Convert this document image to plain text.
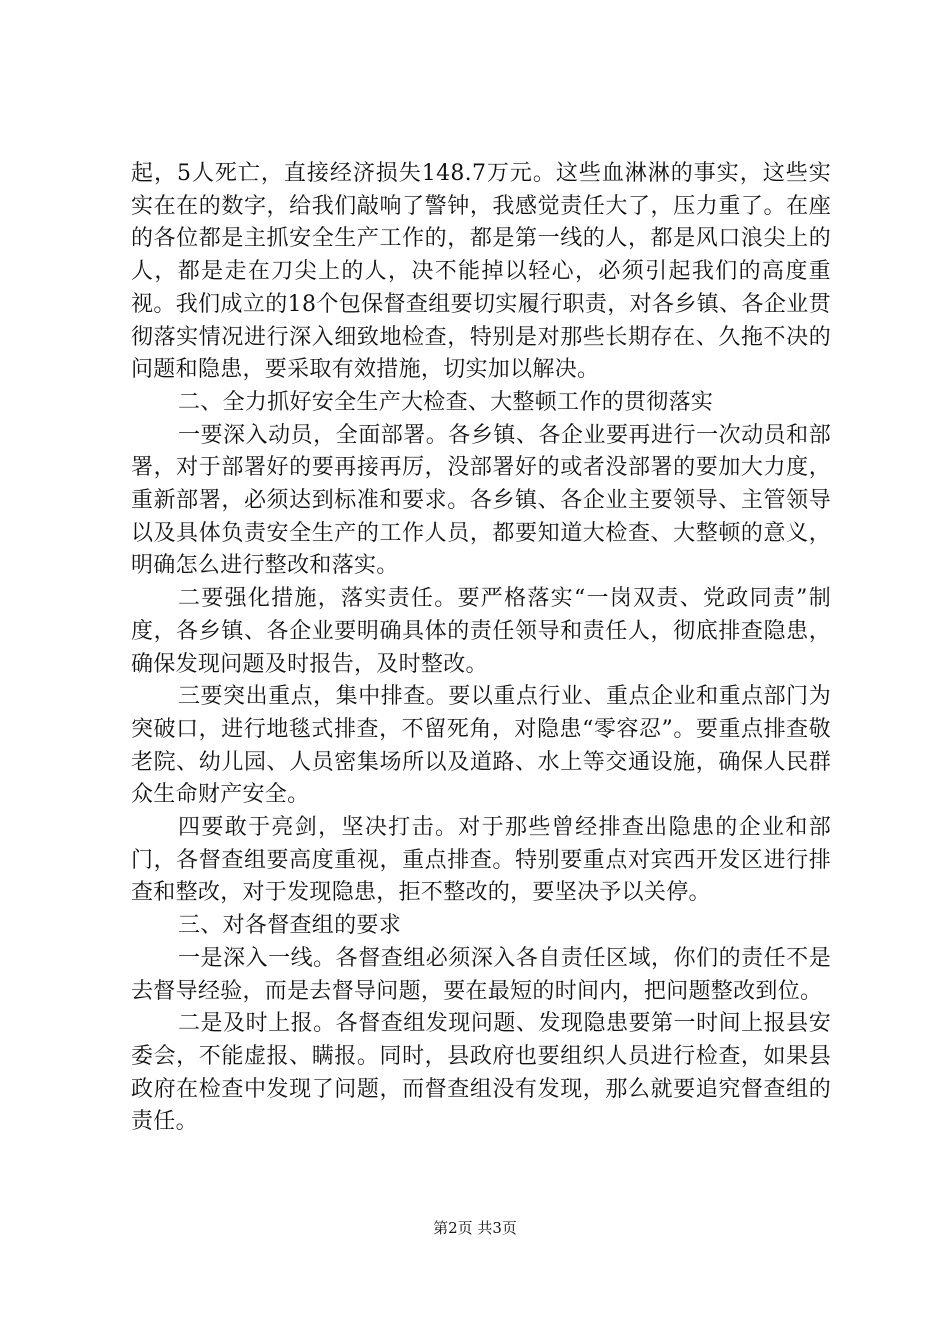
起，5人死亡，直接经济损失148.7万元。这些血淋淋的事实，这些实实在在的数字，给我们敲响了警钟，我感觉责任大了，压力重了。在座的各位都是主抓安全生产工作的，都是第一线的人，都是风口浪尖上的人，都是走在刀尖上的人，决不能掉以轻心，必须引起我们的高度重视。我们成立的18个包保督查组要切实履行职责，对各乡镇、各企业贯彻落实情况进行深入细致地检查，特别是对那些长期存在、久拖不决的问题和隐患，要采取有效措施，切实加以解决。

二、全力抓好安全生产大检查、大整顿工作的贯彻落实

一要深入动员，全面部署。各乡镇、各企业要再进行一次动员和部署，对于部署好的要再接再厉，没部署好的或者没部署的要加大力度，重新部署，必须达到标准和要求。各乡镇、各企业主要领导、主管领导以及具体负责安全生产的工作人员，都要知道大检查、大整顿的意义，明确怎么进行整改和落实。

二要强化措施，落实责任。要严格落实“一岗双责、党政同责”制度，各乡镇、各企业要明确具体的责任领导和责任人，彻底排查隐患，确保发现问题及时报告，及时整改。

三要突出重点，集中排查。要以重点行业、重点企业和重点部门为突破口，进行地毯式排查，不留死角，对隐患“零容忍”。要重点排查敬老院、幼儿园、人员密集场所以及道路、水上等交通设施，确保人民群众生命财产安全。

四要敢于亮剑，坚决打击。对于那些曾经排查出隐患的企业和部门，各督查组要高度重视，重点排查。特别要重点对宾西开发区进行排查和整改，对于发现隐患，拒不整改的，要坚决予以关停。

三、对各督查组的要求

一是深入一线。各督查组必须深入各自责任区域，你们的责任不是去督导经验，而是去督导问题，要在最短的时间内，把问题整改到位。

二是及时上报。各督查组发现问题、发现隐患要第一时间上报县安委会，不能虚报、瞒报。同时，县政府也要组织人员进行检查，如果县政府在检查中发现了问题，而督查组没有发现，那么就要追究督查组的责任。

第2页 共3页
